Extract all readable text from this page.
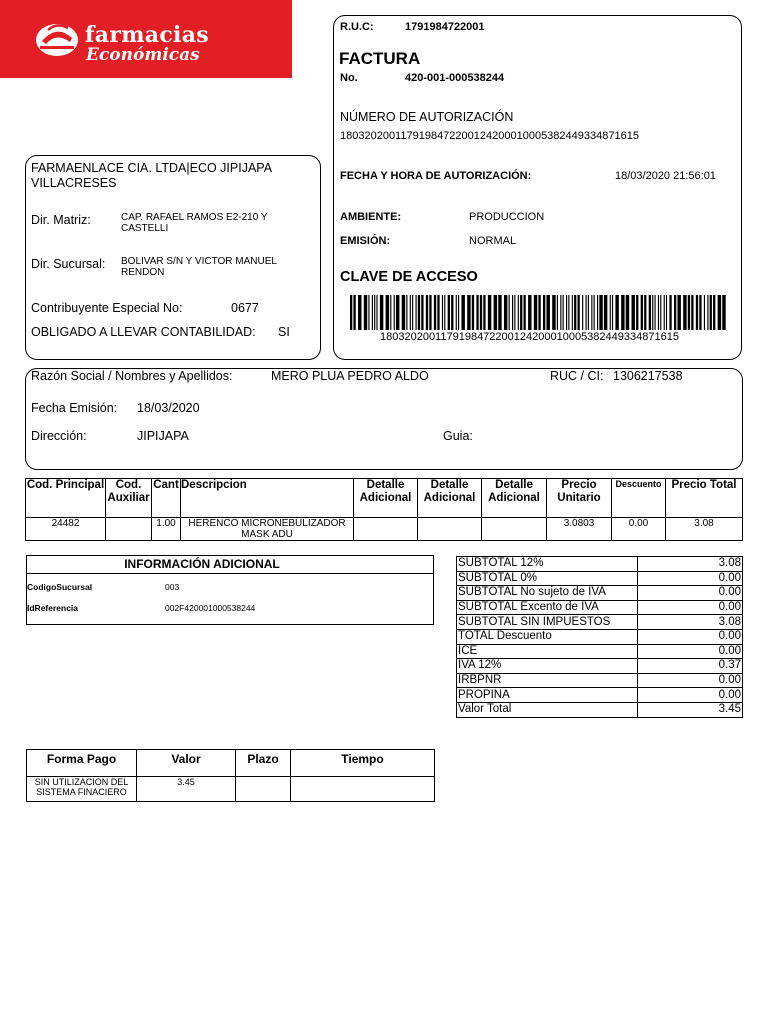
farmacias
Económicas
R.U.C:	1791984722001
FACTURA
No.	420-001-000538244
NÚMERO DE AUTORIZACIÓN
1803202001179198472200124200010005382449334871615
FECHA Y HORA DE AUTORIZACIÓN:	18/03/2020 21:56:01
AMBIENTE:	PRODUCCION
EMISIÓN:	NORMAL
CLAVE DE ACCESO
1803202001179198472200124200010005382449334871615
FARMAENLACE CIA. LTDA|ECO JIPIJAPA VILLACRESES
Dir. Matriz:	CAP. RAFAEL RAMOS E2-210 Y CASTELLI
Dir. Sucursal: BOLIVAR S/N Y VICTOR MANUEL RENDON
Contribuyente Especial No:	0677
OBLIGADO A LLEVAR CONTABILIDAD: SI
Razón Social / Nombres y Apellidos:	MERO PLUA PEDRO ALDO	RUC / CI: 1306217538
Fecha Emisión: 18/03/2020
Dirección:	JIPIJAPA	Guia:
Cod. Principal	Cod. Auxiliar	Cant	Descripcion	Detalle Adicional	Detalle Adicional	Detalle Adicional	Precio Unitario	Descuento	Precio Total
24482		1.00	HERENCO MICRONEBULIZADOR MASK ADU				3.0803	0.00	3.08
INFORMACIÓN ADICIONAL
CodigoSucursal	003
IdReferencia	002F420001000538244
SUBTOTAL 12%	3.08
SUBTOTAL 0%	0.00
SUBTOTAL No sujeto de IVA	0.00
SUBTOTAL Excento de IVA	0.00
SUBTOTAL SIN IMPUESTOS	3.08
TOTAL Descuento	0.00
ICE	0.00
IVA 12%	0.37
IRBPNR	0.00
PROPINA	0.00
Valor Total	3.45
Forma Pago	Valor	Plazo	Tiempo
SIN UTILIZACION DEL SISTEMA FINACIERO	3.45		
